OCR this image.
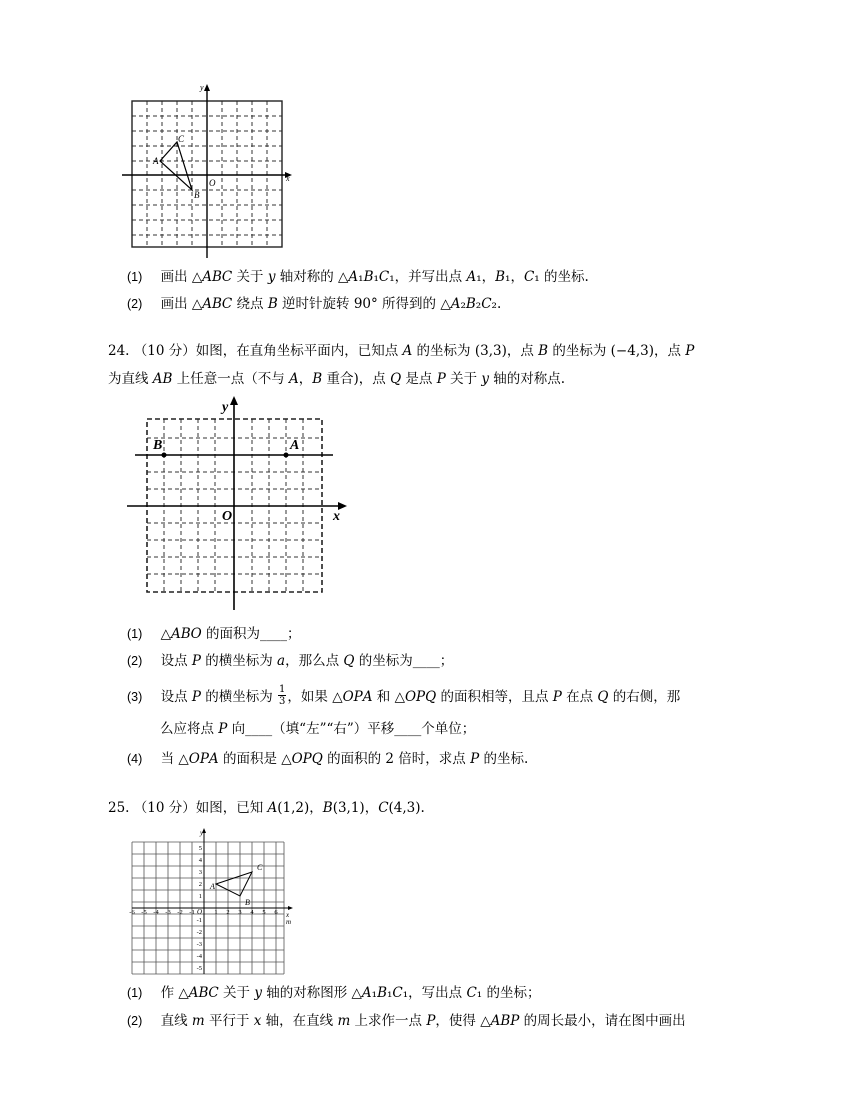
y
x
O
A
B
C
(1) 画出 △𝐴𝐵𝐶 关于 𝑦 轴对称的 △𝐴₁𝐵₁𝐶₁，并写出点 𝐴₁，𝐵₁，𝐶₁ 的坐标.
(2) 画出 △𝐴𝐵𝐶 绕点 𝐵 逆时针旋转 90° 所得到的 △𝐴₂𝐵₂𝐶₂.
24. （10 分）如图，在直角坐标平面内，已知点 𝐴 的坐标为 (3,3)，点 𝐵 的坐标为 (−4,3)，点 𝑃
为直线 𝐴𝐵 上任意一点（不与 𝐴，𝐵 重合)，点 𝑄 是点 𝑃 关于 𝑦 轴的对称点.
y
x
O
B	A
(1) △𝐴𝐵𝑂 的面积为____；
(2) 设点 𝑃 的横坐标为 𝑎，那么点 𝑄 的坐标为____；
(3) 设点 𝑃 的横坐标为 $\frac{1}{3}$ ，如果 △𝑂𝑃𝐴 和 △𝑂𝑃𝑄 的面积相等，且点 𝑃 在点 𝑄 的右侧，那
么应将点 𝑃 向____（填“左”“右”）平移____个单位；
(4) 当 △𝑂𝑃𝐴 的面积是 △𝑂𝑃𝑄 的面积的 2 倍时，求点 𝑃 的坐标.
25. （10 分）如图，已知 𝐴(1,2)，𝐵(3,1)，𝐶(4,3).
-6 -5 -4 -3 -2 -1	1 2 3 4 5 6
5
4
3
2
1
-1
-2
-3
-4
-5
y
O	x
m
A
B
C
(1) 作 △𝐴𝐵𝐶 关于 𝑦 轴的对称图形 △𝐴₁𝐵₁𝐶₁，写出点 𝐶₁ 的坐标；
(2) 直线 𝑚 平行于 𝑥 轴，在直线 𝑚 上求作一点 𝑃，使得 △𝐴𝐵𝑃 的周长最小，请在图中画出
